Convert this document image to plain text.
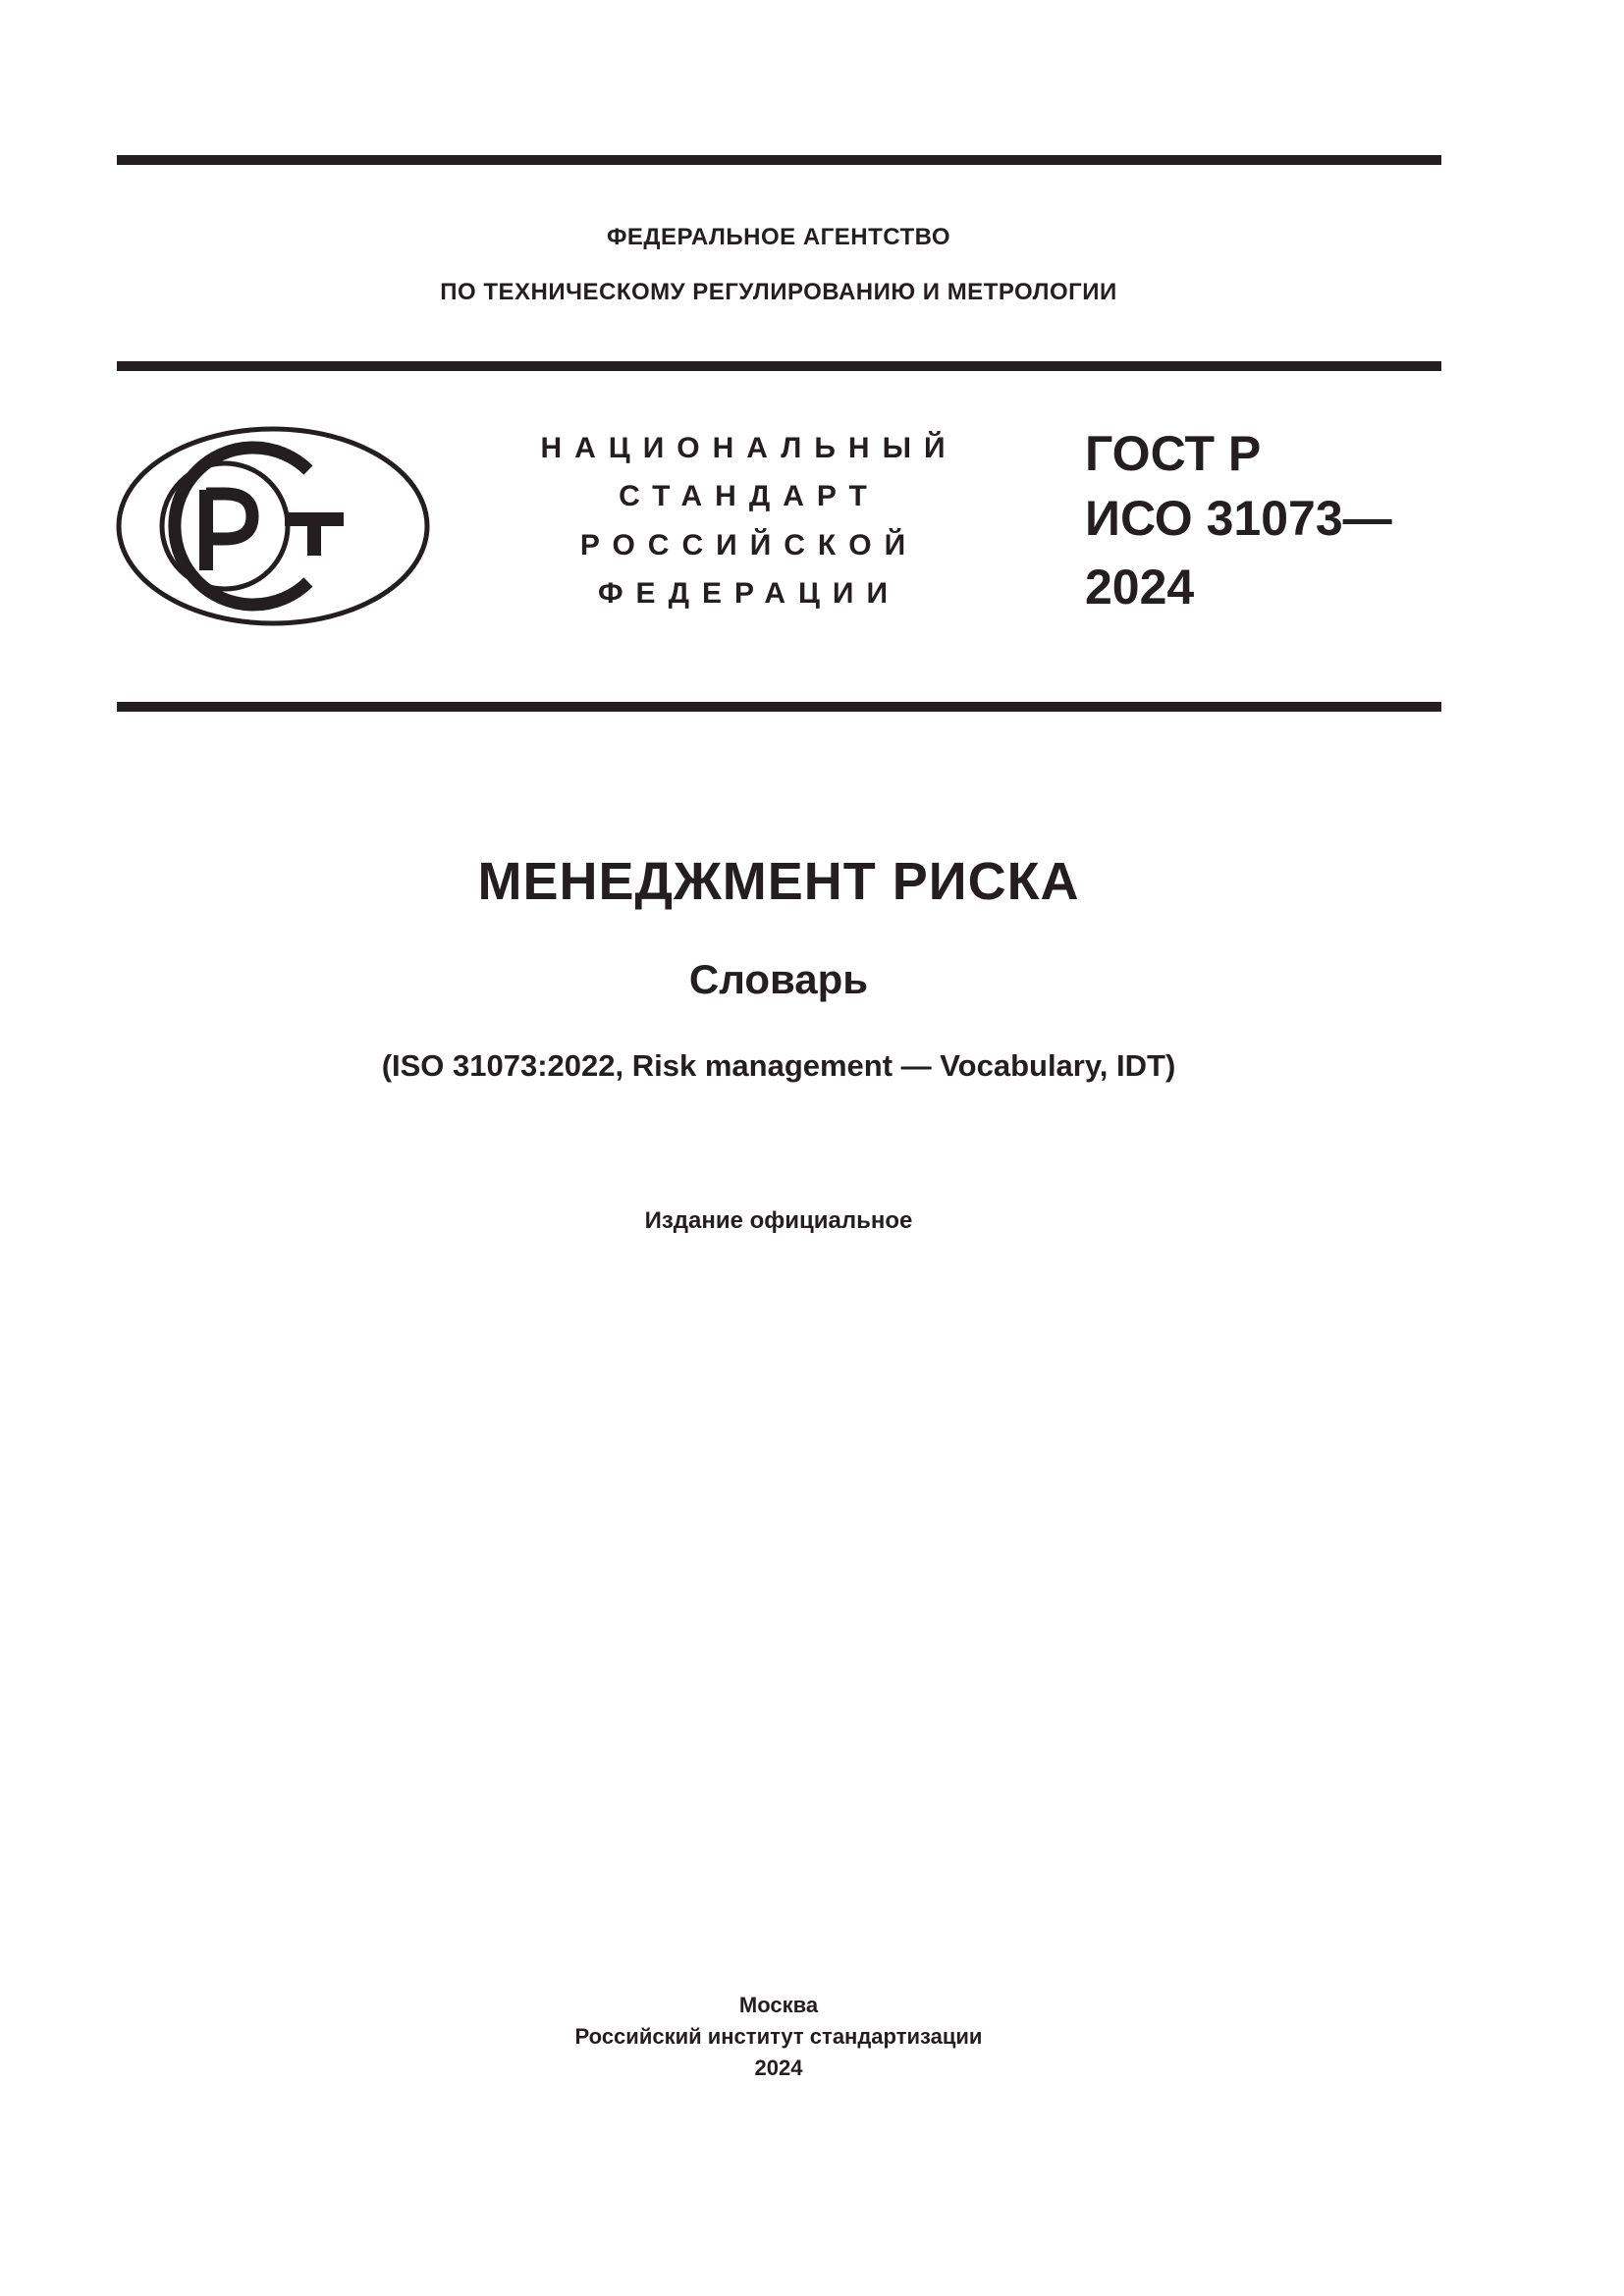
ФЕДЕРАЛЬНОЕ АГЕНТСТВО
ПО ТЕХНИЧЕСКОМУ РЕГУЛИРОВАНИЮ И МЕТРОЛОГИИ
НАЦИОНАЛЬНЫЙ
СТАНДАРТ
РОССИЙСКОЙ
ФЕДЕРАЦИИ
ГОСТ Р
ИСО 31073—
2024
МЕНЕДЖМЕНТ РИСКА
Словарь
(ISO 31073:2022, Risk management — Vocabulary, IDT)
Издание официальное
Москва
Российский институт стандартизации
2024
